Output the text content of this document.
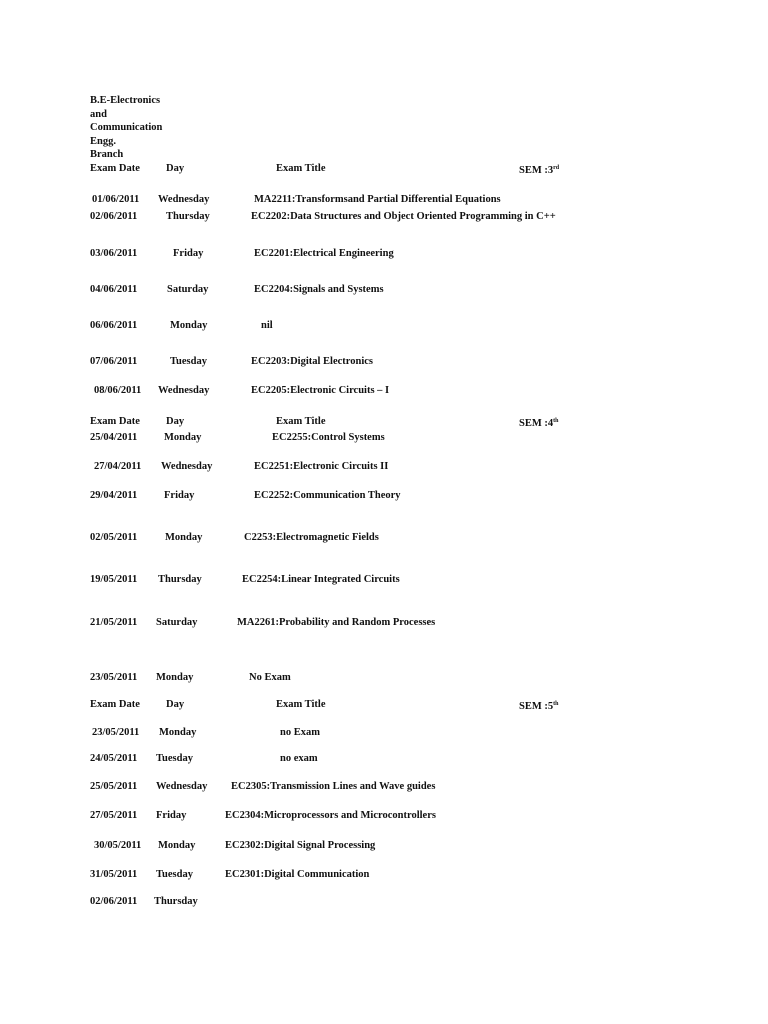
B.E-Electronics
and
Communication
Engg.
Branch
Exam Date Day	Exam Title	SEM :3rd
01/06/2011 Wednesday	MA2211:Transformsand Partial Differential Equations
02/06/2011	Thursday	EC2202:Data Structures and Object Oriented Programming in C++
03/06/2011	Friday	EC2201:Electrical Engineering
04/06/2011	Saturday	EC2204:Signals and Systems
06/06/2011	Monday	nil
07/06/2011	Tuesday	EC2203:Digital Electronics
08/06/2011 Wednesday	EC2205:Electronic Circuits – I
Exam Date Day	Exam Title	SEM :4th
25/04/2011	Monday	EC2255:Control Systems
27/04/2011 Wednesday	EC2251:Electronic Circuits II
29/04/2011	Friday	EC2252:Communication Theory
02/05/2011	Monday	C2253:Electromagnetic Fields
19/05/2011 Thursday	EC2254:Linear Integrated Circuits
21/05/2011 Saturday	MA2261:Probability and Random Processes
23/05/2011 Monday	No Exam
Exam Date Day	Exam Title	SEM :5th
23/05/2011 Monday	no Exam
24/05/2011 Tuesday	no exam
25/05/2011 Wednesday EC2305:Transmission Lines and Wave guides
27/05/2011 Friday	EC2304:Microprocessors and Microcontrollers
30/05/2011 Monday	EC2302:Digital Signal Processing
31/05/2011 Tuesday	EC2301:Digital Communication
02/06/2011 Thursday
